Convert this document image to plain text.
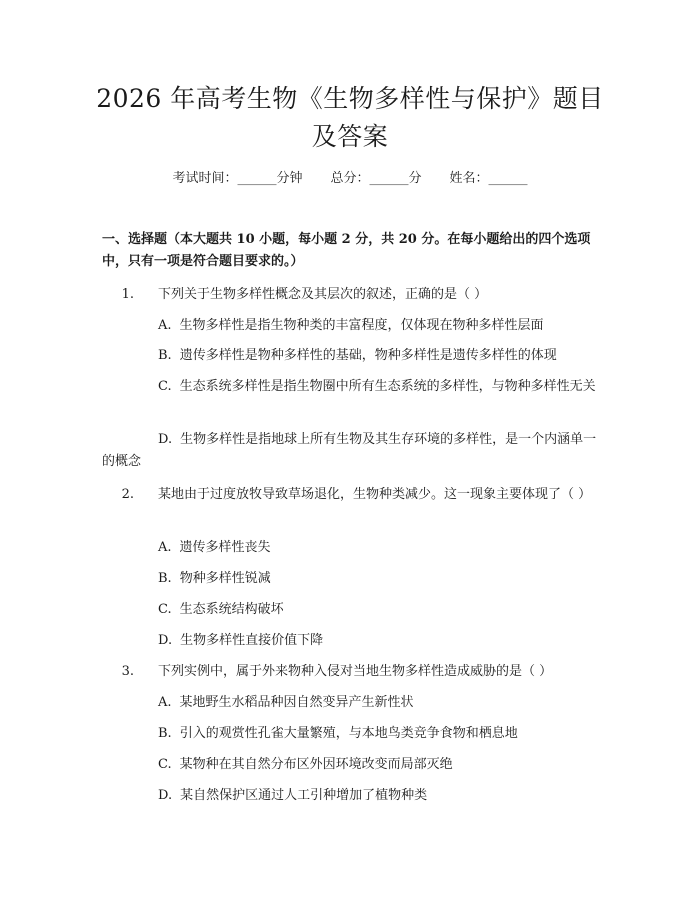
2026 年高考生物《生物多样性与保护》题目
及答案
考试时间：______分钟 总分：______分 姓名：______
一、选择题（本大题共 10 小题，每小题 2 分，共 20 分。在每小题给出的四个选项中，只有一项是符合题目要求的。）
1. 下列关于生物多样性概念及其层次的叙述，正确的是（ ）
A. 生物多样性是指生物种类的丰富程度，仅体现在物种多样性层面
B. 遗传多样性是物种多样性的基础，物种多样性是遗传多样性的体现
C. 生态系统多样性是指生物圈中所有生态系统的多样性，与物种多样性无关
D. 生物多样性是指地球上所有生物及其生存环境的多样性，是一个内涵单一的概念
2. 某地由于过度放牧导致草场退化，生物种类减少。这一现象主要体现了（ ）
A. 遗传多样性丧失
B. 物种多样性锐减
C. 生态系统结构破坏
D. 生物多样性直接价值下降
3. 下列实例中，属于外来物种入侵对当地生物多样性造成威胁的是（ ）
A. 某地野生水稻品种因自然变异产生新性状
B. 引入的观赏性孔雀大量繁殖，与本地鸟类竞争食物和栖息地
C. 某物种在其自然分布区外因环境改变而局部灭绝
D. 某自然保护区通过人工引种增加了植物种类
